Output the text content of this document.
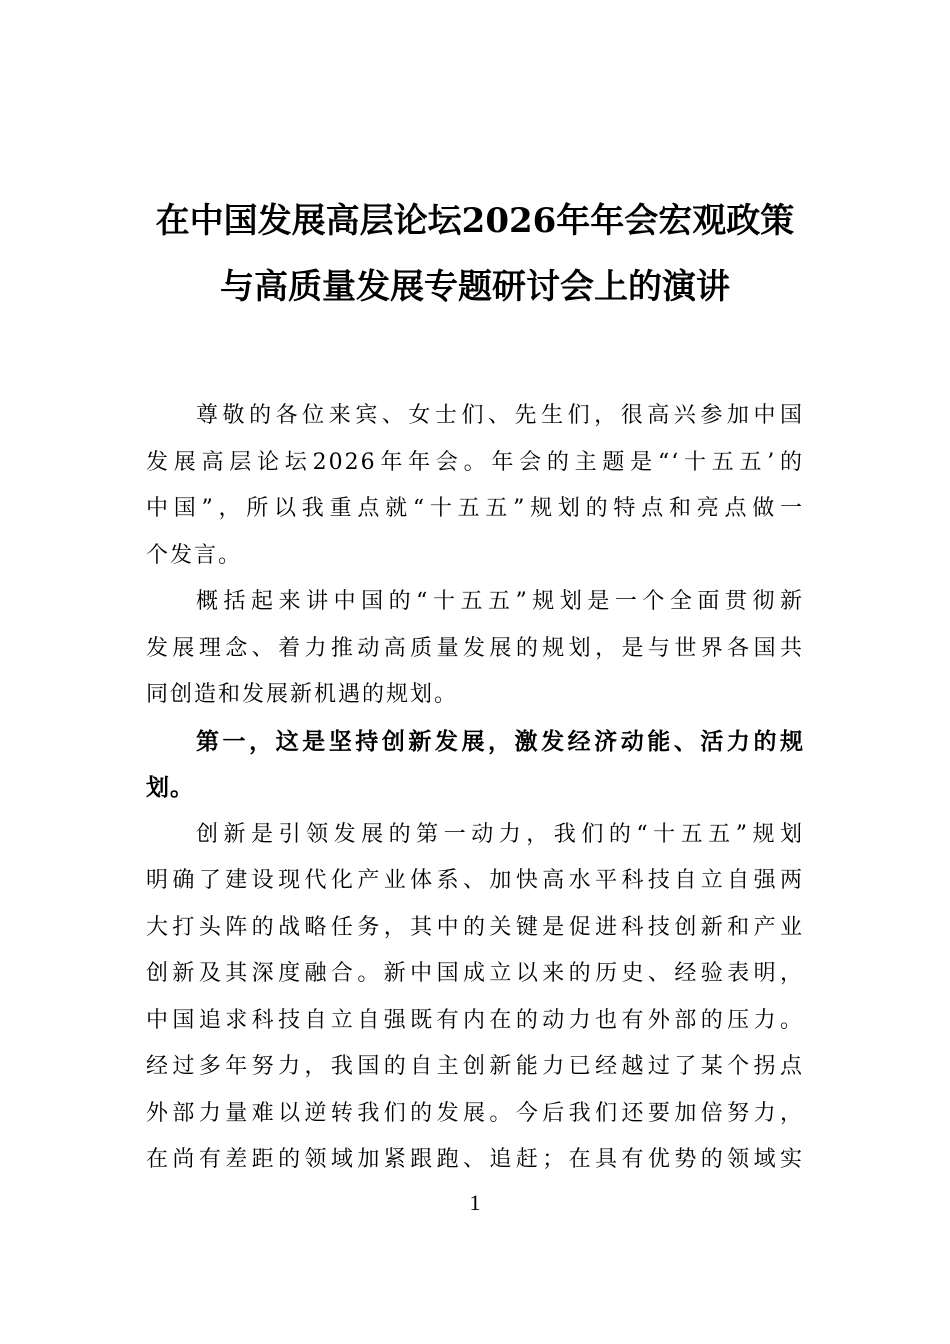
在中国发展高层论坛2026年年会宏观政策
与高质量发展专题研讨会上的演讲
尊敬的各位来宾、女士们、先生们，很高兴参加中国
发展高层论坛2026年年会。年会的主题是“‘十五五’的
中国”，所以我重点就“十五五”规划的特点和亮点做一
个发言。
概括起来讲中国的“十五五”规划是一个全面贯彻新
发展理念、着力推动高质量发展的规划，是与世界各国共
同创造和发展新机遇的规划。
第一，这是坚持创新发展，激发经济动能、活力的规
划。
创新是引领发展的第一动力，我们的“十五五”规划
明确了建设现代化产业体系、加快高水平科技自立自强两
大打头阵的战略任务，其中的关键是促进科技创新和产业
创新及其深度融合。新中国成立以来的历史、经验表明，
中国追求科技自立自强既有内在的动力也有外部的压力。
经过多年努力，我国的自主创新能力已经越过了某个拐点
外部力量难以逆转我们的发展。今后我们还要加倍努力，
在尚有差距的领域加紧跟跑、追赶；在具有优势的领域实
1
